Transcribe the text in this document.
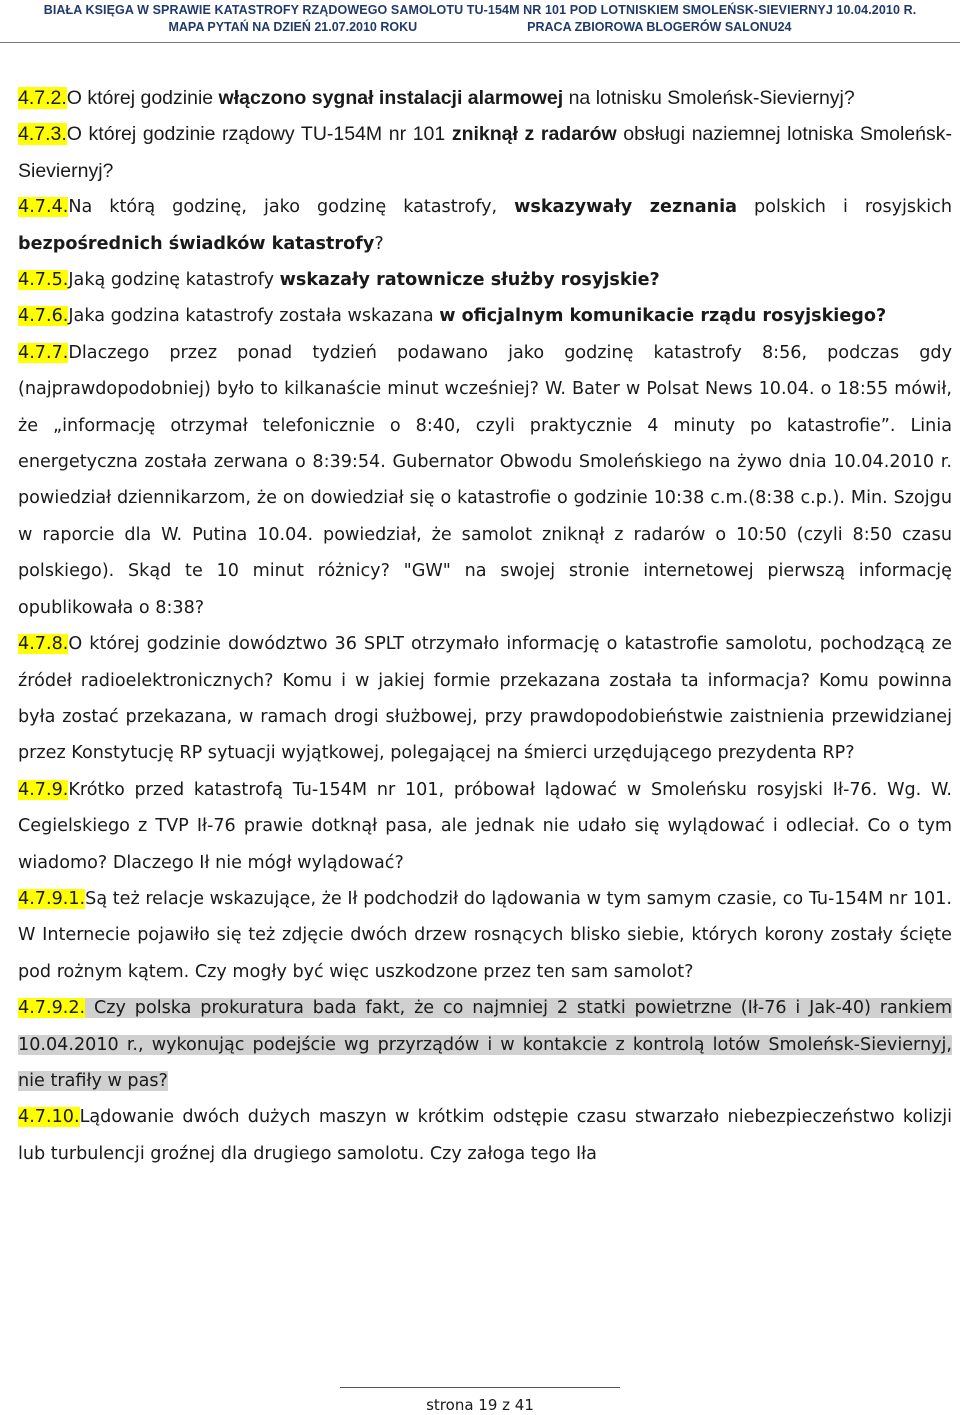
BIAŁA KSIĘGA W SPRAWIE KATASTROFY RZĄDOWEGO SAMOLOTU TU-154M NR 101 POD LOTNISKIEM SMOLEŃSK-SIEVIERNYJ 10.04.2010 R.
MAPA PYTAŃ NA DZIEŃ 21.07.2010 ROKU	PRACA ZBIOROWA BLOGERÓW SALONU24

4.7.2.O której godzinie włączono sygnał instalacji alarmowej na lotnisku Smoleńsk-Sieviernyj?

4.7.3.O której godzinie rządowy TU-154M nr 101 zniknął z radarów obsługi naziemnej lotniska Smoleńsk-Sieviernyj?

4.7.4.Na którą godzinę, jako godzinę katastrofy, wskazywały zeznania polskich i rosyjskich bezpośrednich świadków katastrofy?

4.7.5.Jaką godzinę katastrofy wskazały ratownicze służby rosyjskie?

4.7.6.Jaka godzina katastrofy została wskazana w oficjalnym komunikacie rządu rosyjskiego?

4.7.7.Dlaczego przez ponad tydzień podawano jako godzinę katastrofy 8:56, podczas gdy (najprawdopodobniej) było to kilkanaście minut wcześniej? W. Bater w Polsat News 10.04. o 18:55 mówił, że „informację otrzymał telefonicznie o 8:40, czyli praktycznie 4 minuty po katastrofie”. Linia energetyczna została zerwana o 8:39:54. Gubernator Obwodu Smoleńskiego na żywo dnia 10.04.2010 r. powiedział dziennikarzom, że on dowiedział się o katastrofie o godzinie 10:38 c.m.(8:38 c.p.). Min. Szojgu w raporcie dla W. Putina 10.04. powiedział, że samolot zniknął z radarów o 10:50 (czyli 8:50 czasu polskiego). Skąd te 10 minut różnicy? "GW" na swojej stronie internetowej pierwszą informację opublikowała o 8:38?

4.7.8.O której godzinie dowództwo 36 SPLT otrzymało informację o katastrofie samolotu, pochodzącą ze źródeł radioelektronicznych? Komu i w jakiej formie przekazana została ta informacja? Komu powinna była zostać przekazana, w ramach drogi służbowej, przy prawdopodobieństwie zaistnienia przewidzianej przez Konstytucję RP sytuacji wyjątkowej, polegającej na śmierci urzędującego prezydenta RP?

4.7.9.Krótko przed katastrofą Tu-154M nr 101, próbował lądować w Smoleńsku rosyjski Ił-76. Wg. W. Cegielskiego z TVP Ił-76 prawie dotknął pasa, ale jednak nie udało się wylądować i odleciał. Co o tym wiadomo? Dlaczego Ił nie mógł wylądować?

4.7.9.1.Są też relacje wskazujące, że Ił podchodził do lądowania w tym samym czasie, co Tu-154M nr 101. W Internecie pojawiło się też zdjęcie dwóch drzew rosnących blisko siebie, których korony zostały ścięte pod rożnym kątem. Czy mogły być więc uszkodzone przez ten sam samolot?

4.7.9.2. Czy polska prokuratura bada fakt, że co najmniej 2 statki powietrzne (Ił-76 i Jak-40) rankiem 10.04.2010 r., wykonując podejście wg przyrządów i w kontakcie z kontrolą lotów Smoleńsk-Sieviernyj, nie trafiły w pas?

4.7.10.Lądowanie dwóch dużych maszyn w krótkim odstępie czasu stwarzało niebezpieczeństwo kolizji lub turbulencji groźnej dla drugiego samolotu. Czy załoga tego Iła

strona 19 z 41
